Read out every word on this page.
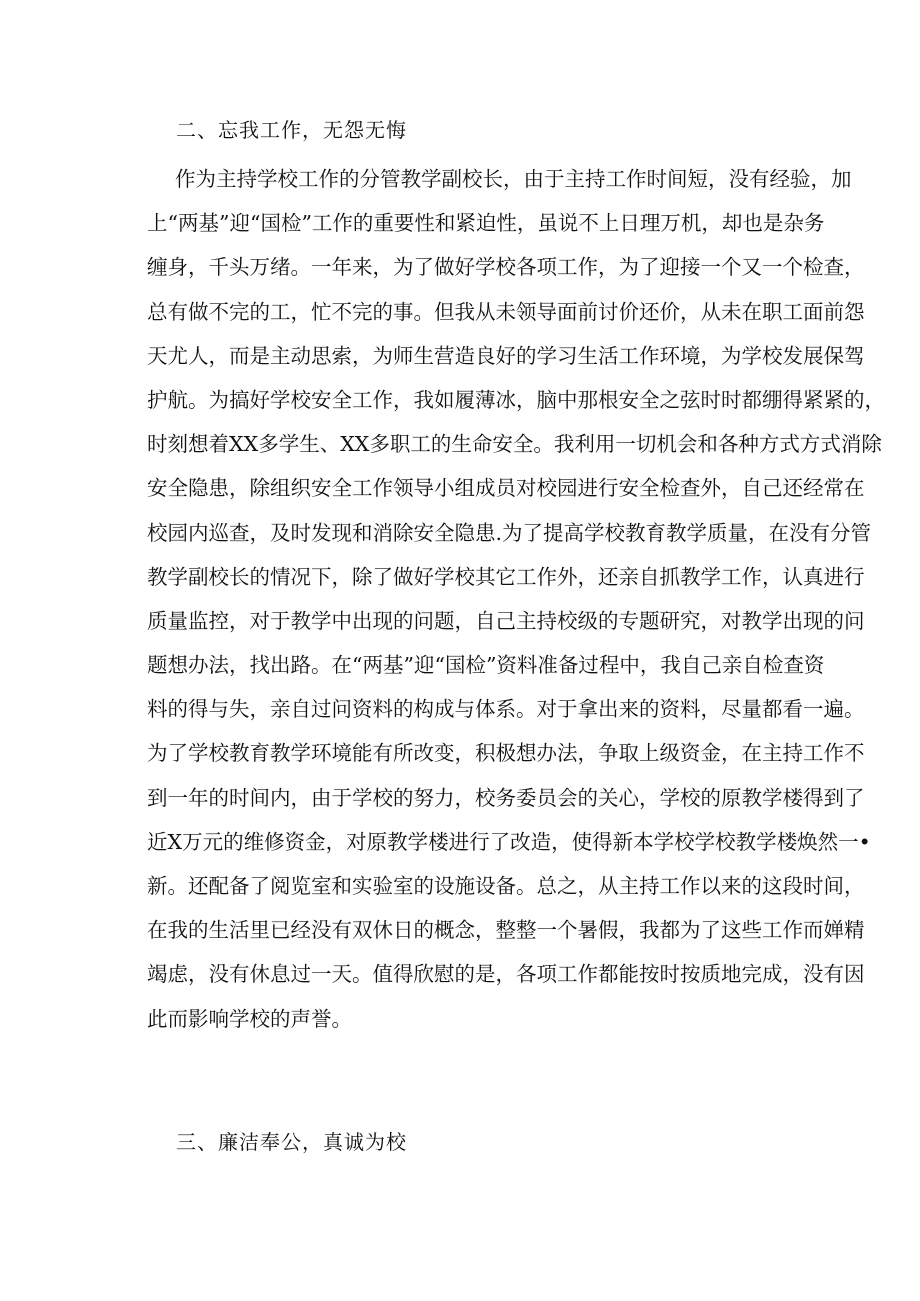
二、忘我工作，无怨无悔
作为主持学校工作的分管教学副校长，由于主持工作时间短，没有经验，加
上“两基”迎“国检”工作的重要性和紧迫性，虽说不上日理万机，却也是杂务
缠身，千头万绪。一年来，为了做好学校各项工作，为了迎接一个又一个检查，
总有做不完的工，忙不完的事。但我从未领导面前讨价还价，从未在职工面前怨
天尤人，而是主动思索，为师生营造良好的学习生活工作环境，为学校发展保驾
护航。为搞好学校安全工作，我如履薄冰，脑中那根安全之弦时时都绷得紧紧的，
时刻想着XX多学生、XX多职工的生命安全。我利用一切机会和各种方式方式消除
安全隐患，除组织安全工作领导小组成员对校园进行安全检查外，自己还经常在
校园内巡查，及时发现和消除安全隐患.为了提高学校教育教学质量，在没有分管
教学副校长的情况下，除了做好学校其它工作外，还亲自抓教学工作，认真进行
质量监控，对于教学中出现的问题，自己主持校级的专题研究，对教学出现的问
题想办法，找出路。在“两基”迎“国检”资料准备过程中，我自己亲自检查资
料的得与失，亲自过问资料的构成与体系。对于拿出来的资料，尽量都看一遍。
为了学校教育教学环境能有所改变，积极想办法，争取上级资金，在主持工作不
到一年的时间内，由于学校的努力，校务委员会的关心，学校的原教学楼得到了
近X万元的维修资金，对原教学楼进行了改造，使得新本学校学校教学楼焕然一•
新。还配备了阅览室和实验室的设施设备。总之，从主持工作以来的这段时间，
在我的生活里已经没有双休日的概念，整整一个暑假，我都为了这些工作而婵精
竭虑，没有休息过一天。值得欣慰的是，各项工作都能按时按质地完成，没有因
此而影响学校的声誉。
三、廉洁奉公，真诚为校
